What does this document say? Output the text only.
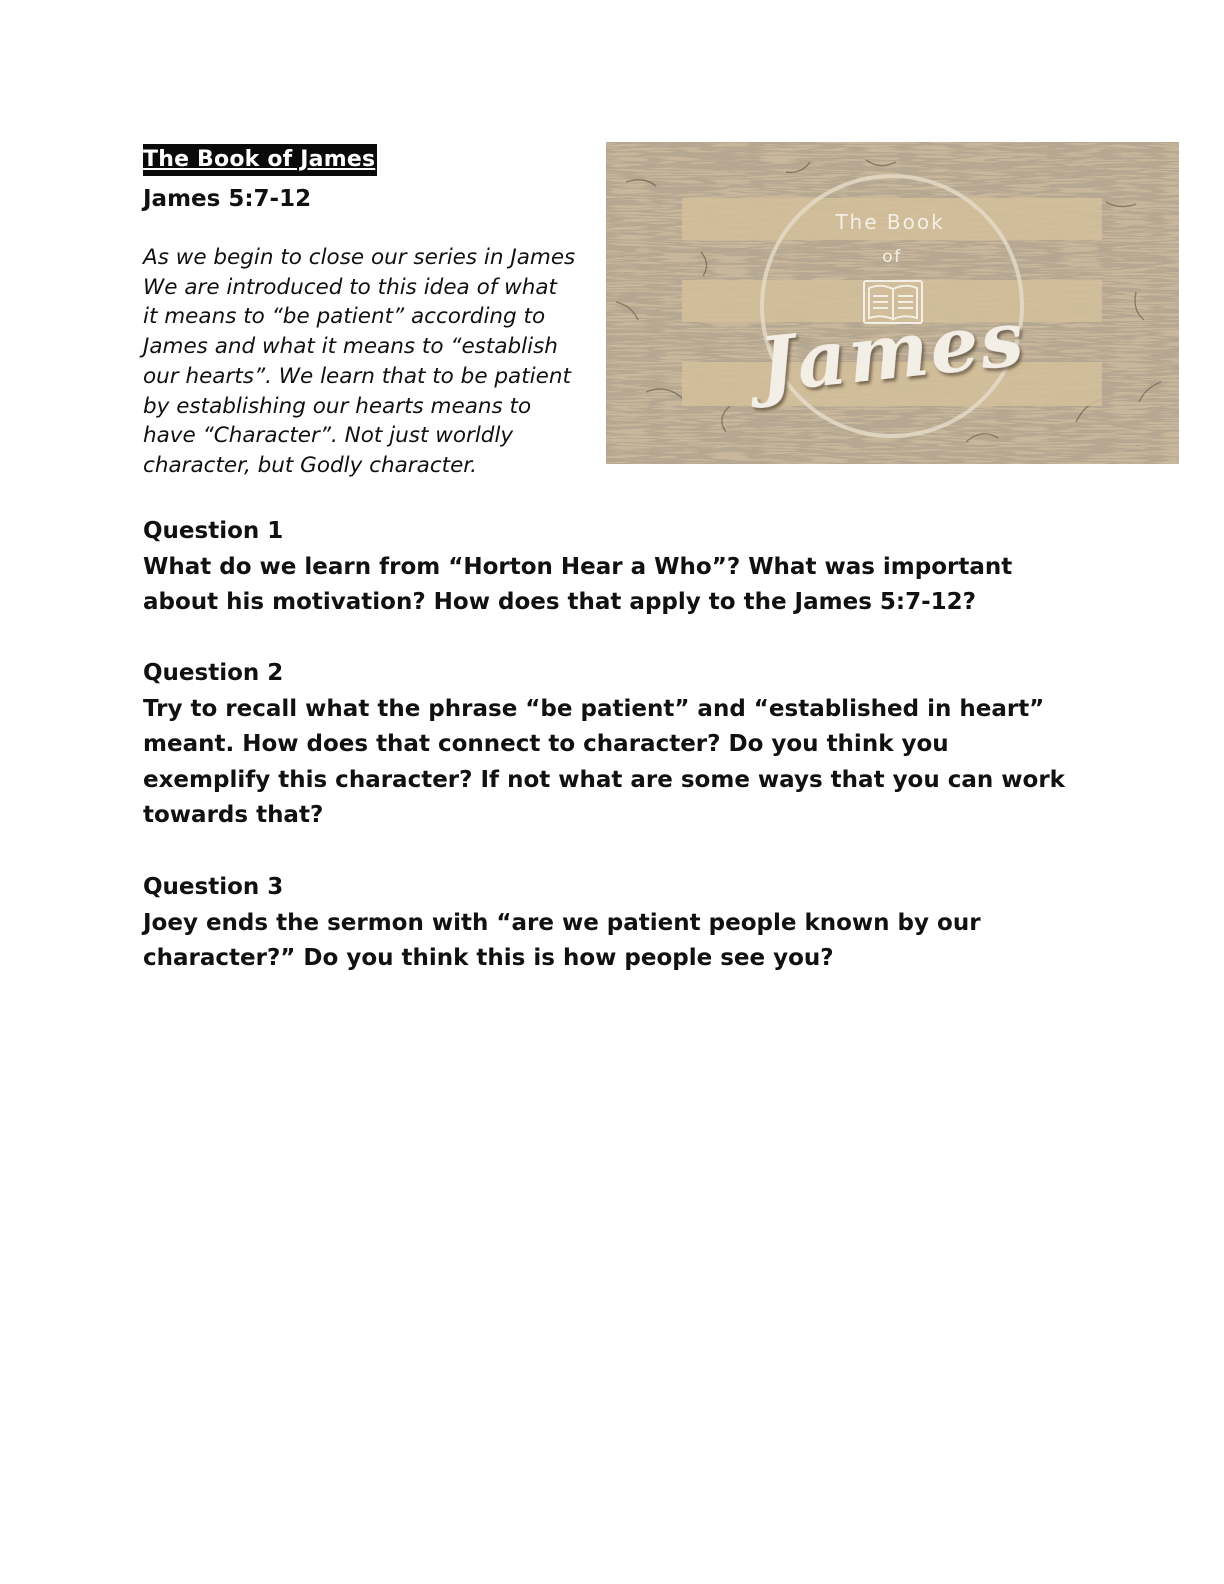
The Book of James
James 5:7-12
As we begin to close our series in James
We are introduced to this idea of what
it means to “be patient” according to
James and what it means to “establish
our hearts”. We learn that to be patient
by establishing our hearts means to
have “Character”. Not just worldly
character, but Godly character.
The Book
of
James
Question 1
What do we learn from “Horton Hear a Who”? What was important
about his motivation? How does that apply to the James 5:7-12?
Question 2
Try to recall what the phrase “be patient” and “established in heart”
meant. How does that connect to character? Do you think you
exemplify this character? If not what are some ways that you can work
towards that?
Question 3
Joey ends the sermon with “are we patient people known by our
character?” Do you think this is how people see you?
